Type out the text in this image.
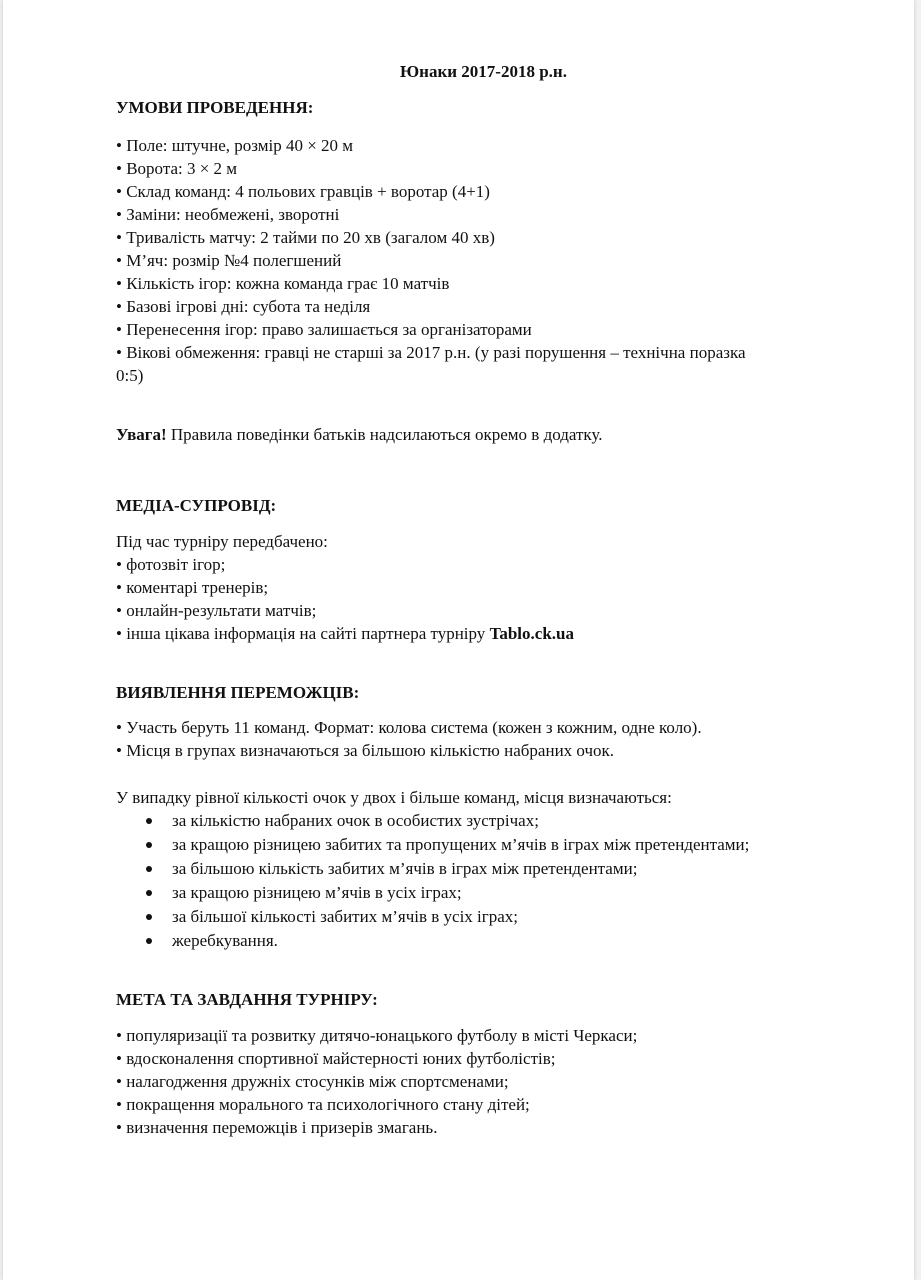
Юнаки 2017-2018 р.н.
УМОВИ ПРОВЕДЕННЯ:
• Поле: штучне, розмір 40 × 20 м
• Ворота: 3 × 2 м
• Склад команд: 4 польових гравців + воротар (4+1)
• Заміни: необмежені, зворотні
• Тривалість матчу: 2 тайми по 20 хв (загалом 40 хв)
• М’яч: розмір №4 полегшений
• Кількість ігор: кожна команда грає 10 матчів
• Базові ігрові дні: субота та неділя
• Перенесення ігор: право залишається за організаторами
• Вікові обмеження: гравці не старші за 2017 р.н. (у разі порушення – технічна поразка
0:5)
Увага! Правила поведінки батьків надсилаються окремо в додатку.
МЕДІА-СУПРОВІД:
Під час турніру передбачено:
• фотозвіт ігор;
• коментарі тренерів;
• онлайн-результати матчів;
• інша цікава інформація на сайті партнера турніру Tablo.ck.ua
ВИЯВЛЕННЯ ПЕРЕМОЖЦІВ:
• Участь беруть 11 команд. Формат: колова система (кожен з кожним, одне коло).
• Місця в групах визначаються за більшою кількістю набраних очок.
У випадку рівної кількості очок у двох і більше команд, місця визначаються:
за кількістю набраних очок в особистих зустрічах;
за кращою різницею забитих та пропущених м’ячів в іграх між претендентами;
за більшою кількість забитих м’ячів в іграх між претендентами;
за кращою різницею м’ячів в усіх іграх;
за більшої кількості забитих м’ячів в усіх іграх;
жеребкування.
МЕТА ТА ЗАВДАННЯ ТУРНІРУ:
• популяризації та розвитку дитячо-юнацького футболу в місті Черкаси;
• вдосконалення спортивної майстерності юних футболістів;
• налагодження дружніх стосунків між спортсменами;
• покращення морального та психологічного стану дітей;
• визначення переможців і призерів змагань.
